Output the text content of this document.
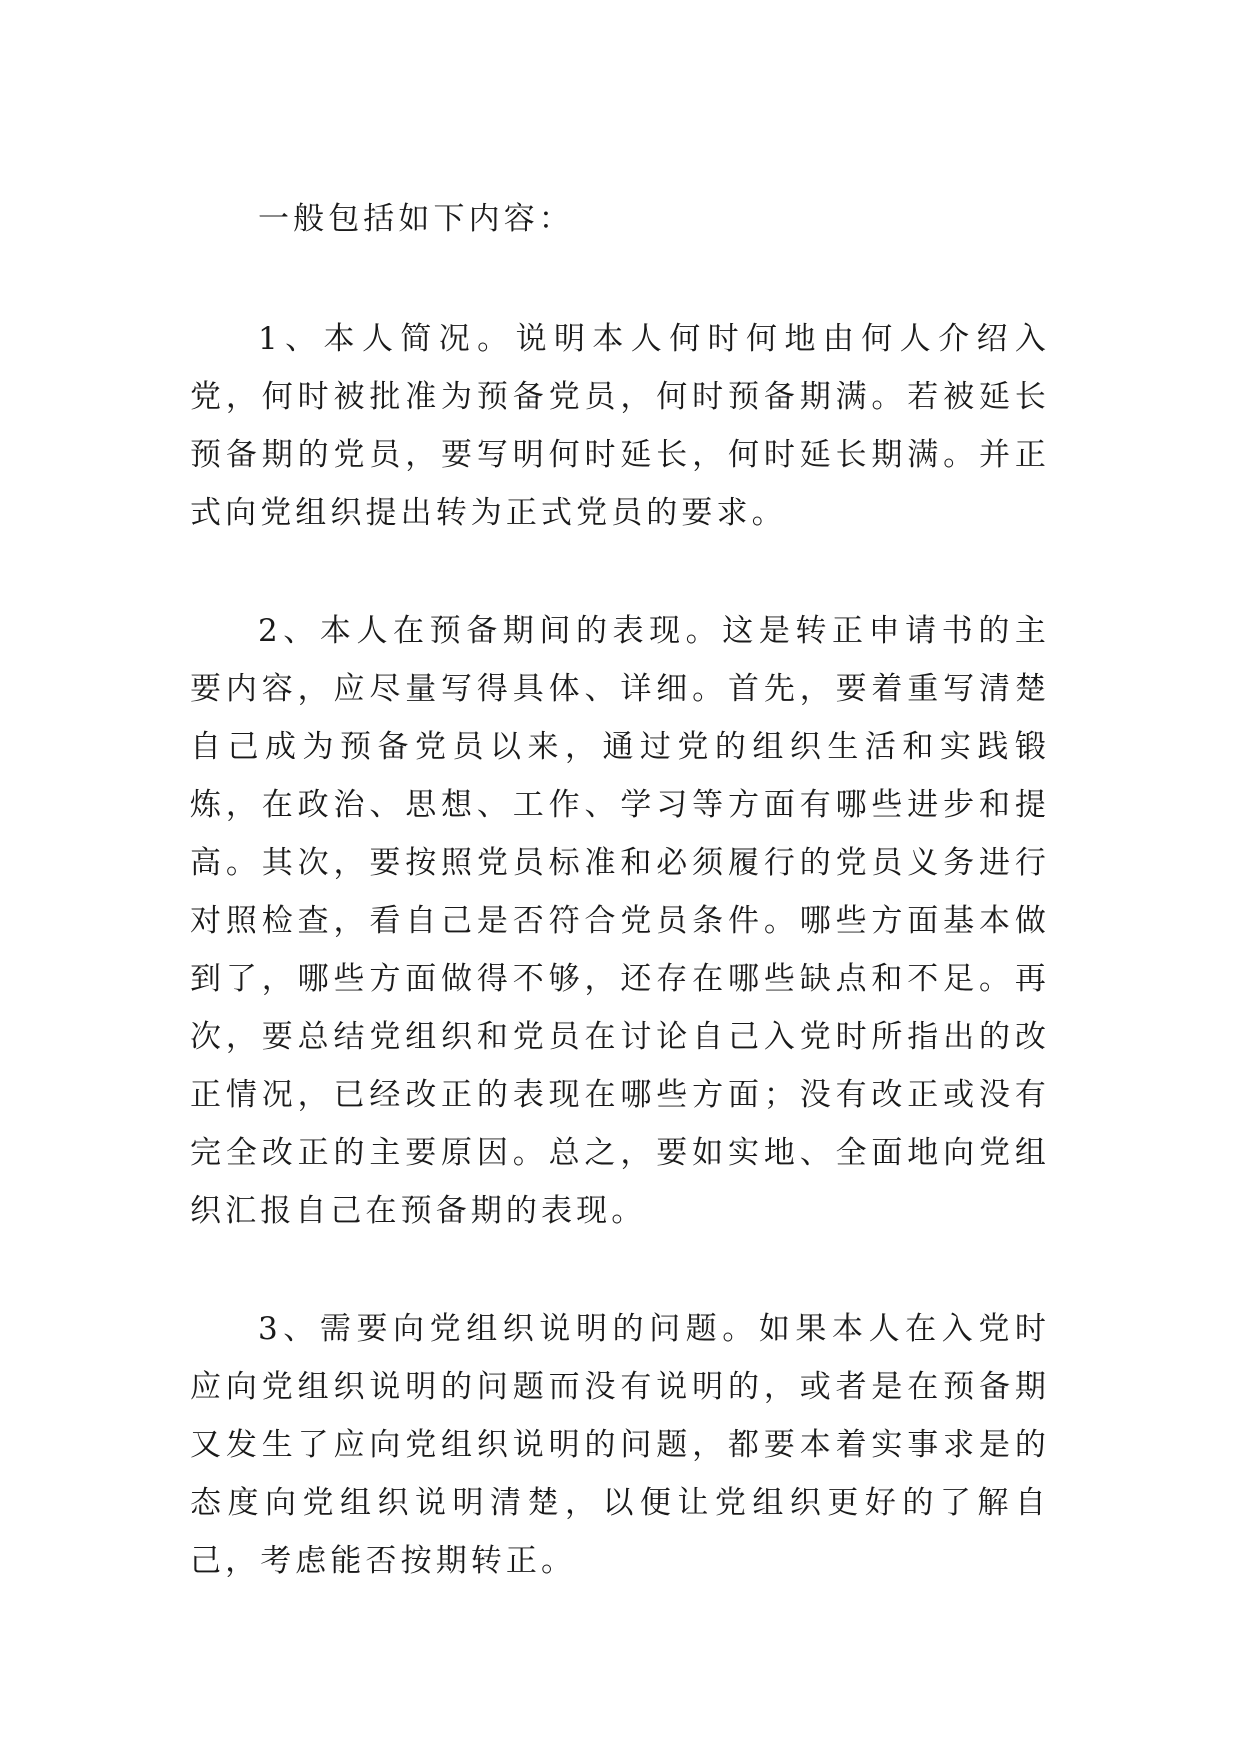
一般包括如下内容：

1、本人简况。说明本人何时何地由何人介绍入党，何时被批准为预备党员，何时预备期满。若被延长预备期的党员，要写明何时延长，何时延长期满。并正式向党组织提出转为正式党员的要求。

2、本人在预备期间的表现。这是转正申请书的主要内容，应尽量写得具体、详细。首先，要着重写清楚自己成为预备党员以来，通过党的组织生活和实践锻炼，在政治、思想、工作、学习等方面有哪些进步和提高。其次，要按照党员标准和必须履行的党员义务进行对照检查，看自己是否符合党员条件。哪些方面基本做到了，哪些方面做得不够，还存在哪些缺点和不足。再次，要总结党组织和党员在讨论自己入党时所指出的改正情况，已经改正的表现在哪些方面；没有改正或没有完全改正的主要原因。总之，要如实地、全面地向党组织汇报自己在预备期的表现。

3、需要向党组织说明的问题。如果本人在入党时应向党组织说明的问题而没有说明的，或者是在预备期又发生了应向党组织说明的问题，都要本着实事求是的态度向党组织说明清楚，以便让党组织更好的了解自己，考虑能否按期转正。
